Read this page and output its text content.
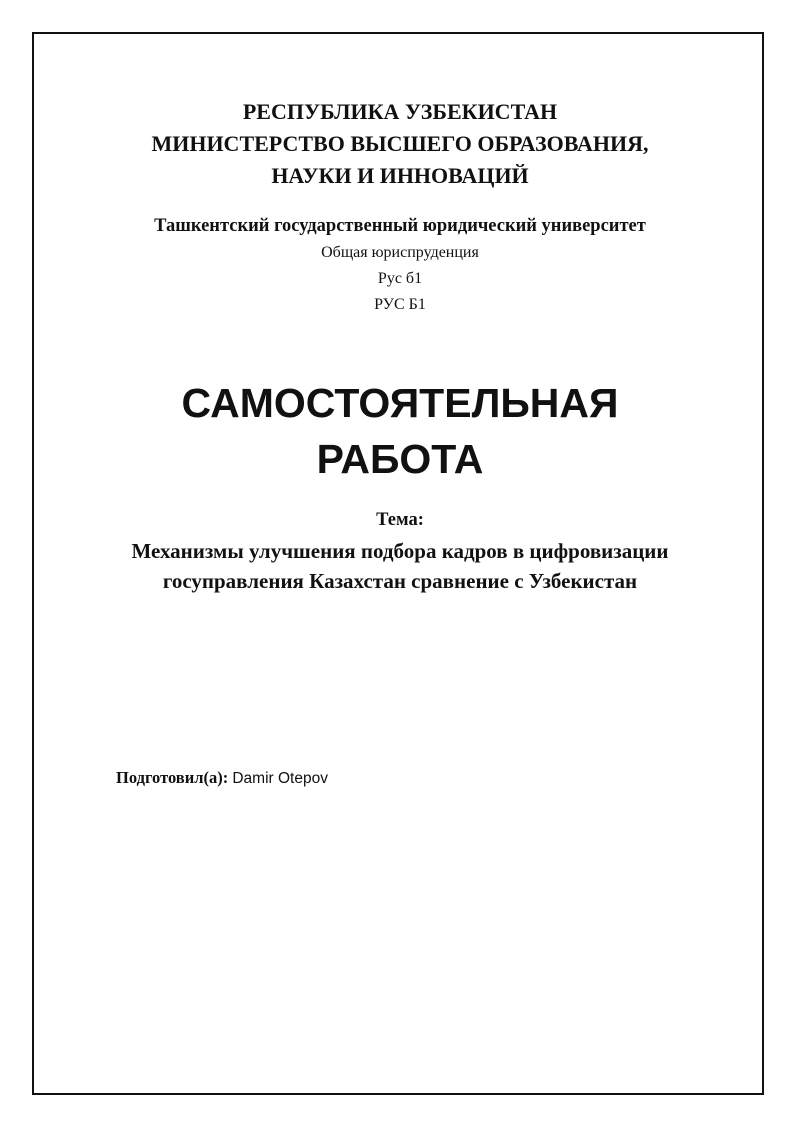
РЕСПУБЛИКА УЗБЕКИСТАН
МИНИСТЕРСТВО ВЫСШЕГО ОБРАЗОВАНИЯ,
НАУКИ И ИННОВАЦИЙ
Ташкентский государственный юридический университет
Общая юриспруденция
Рус б1
РУС Б1
САМОСТОЯТЕЛЬНАЯ
РАБОТА
Тема:
Механизмы улучшения подбора кадров в цифровизации
госуправления Казахстан сравнение с Узбекистан
Подготовил(а): Damir Otepov
